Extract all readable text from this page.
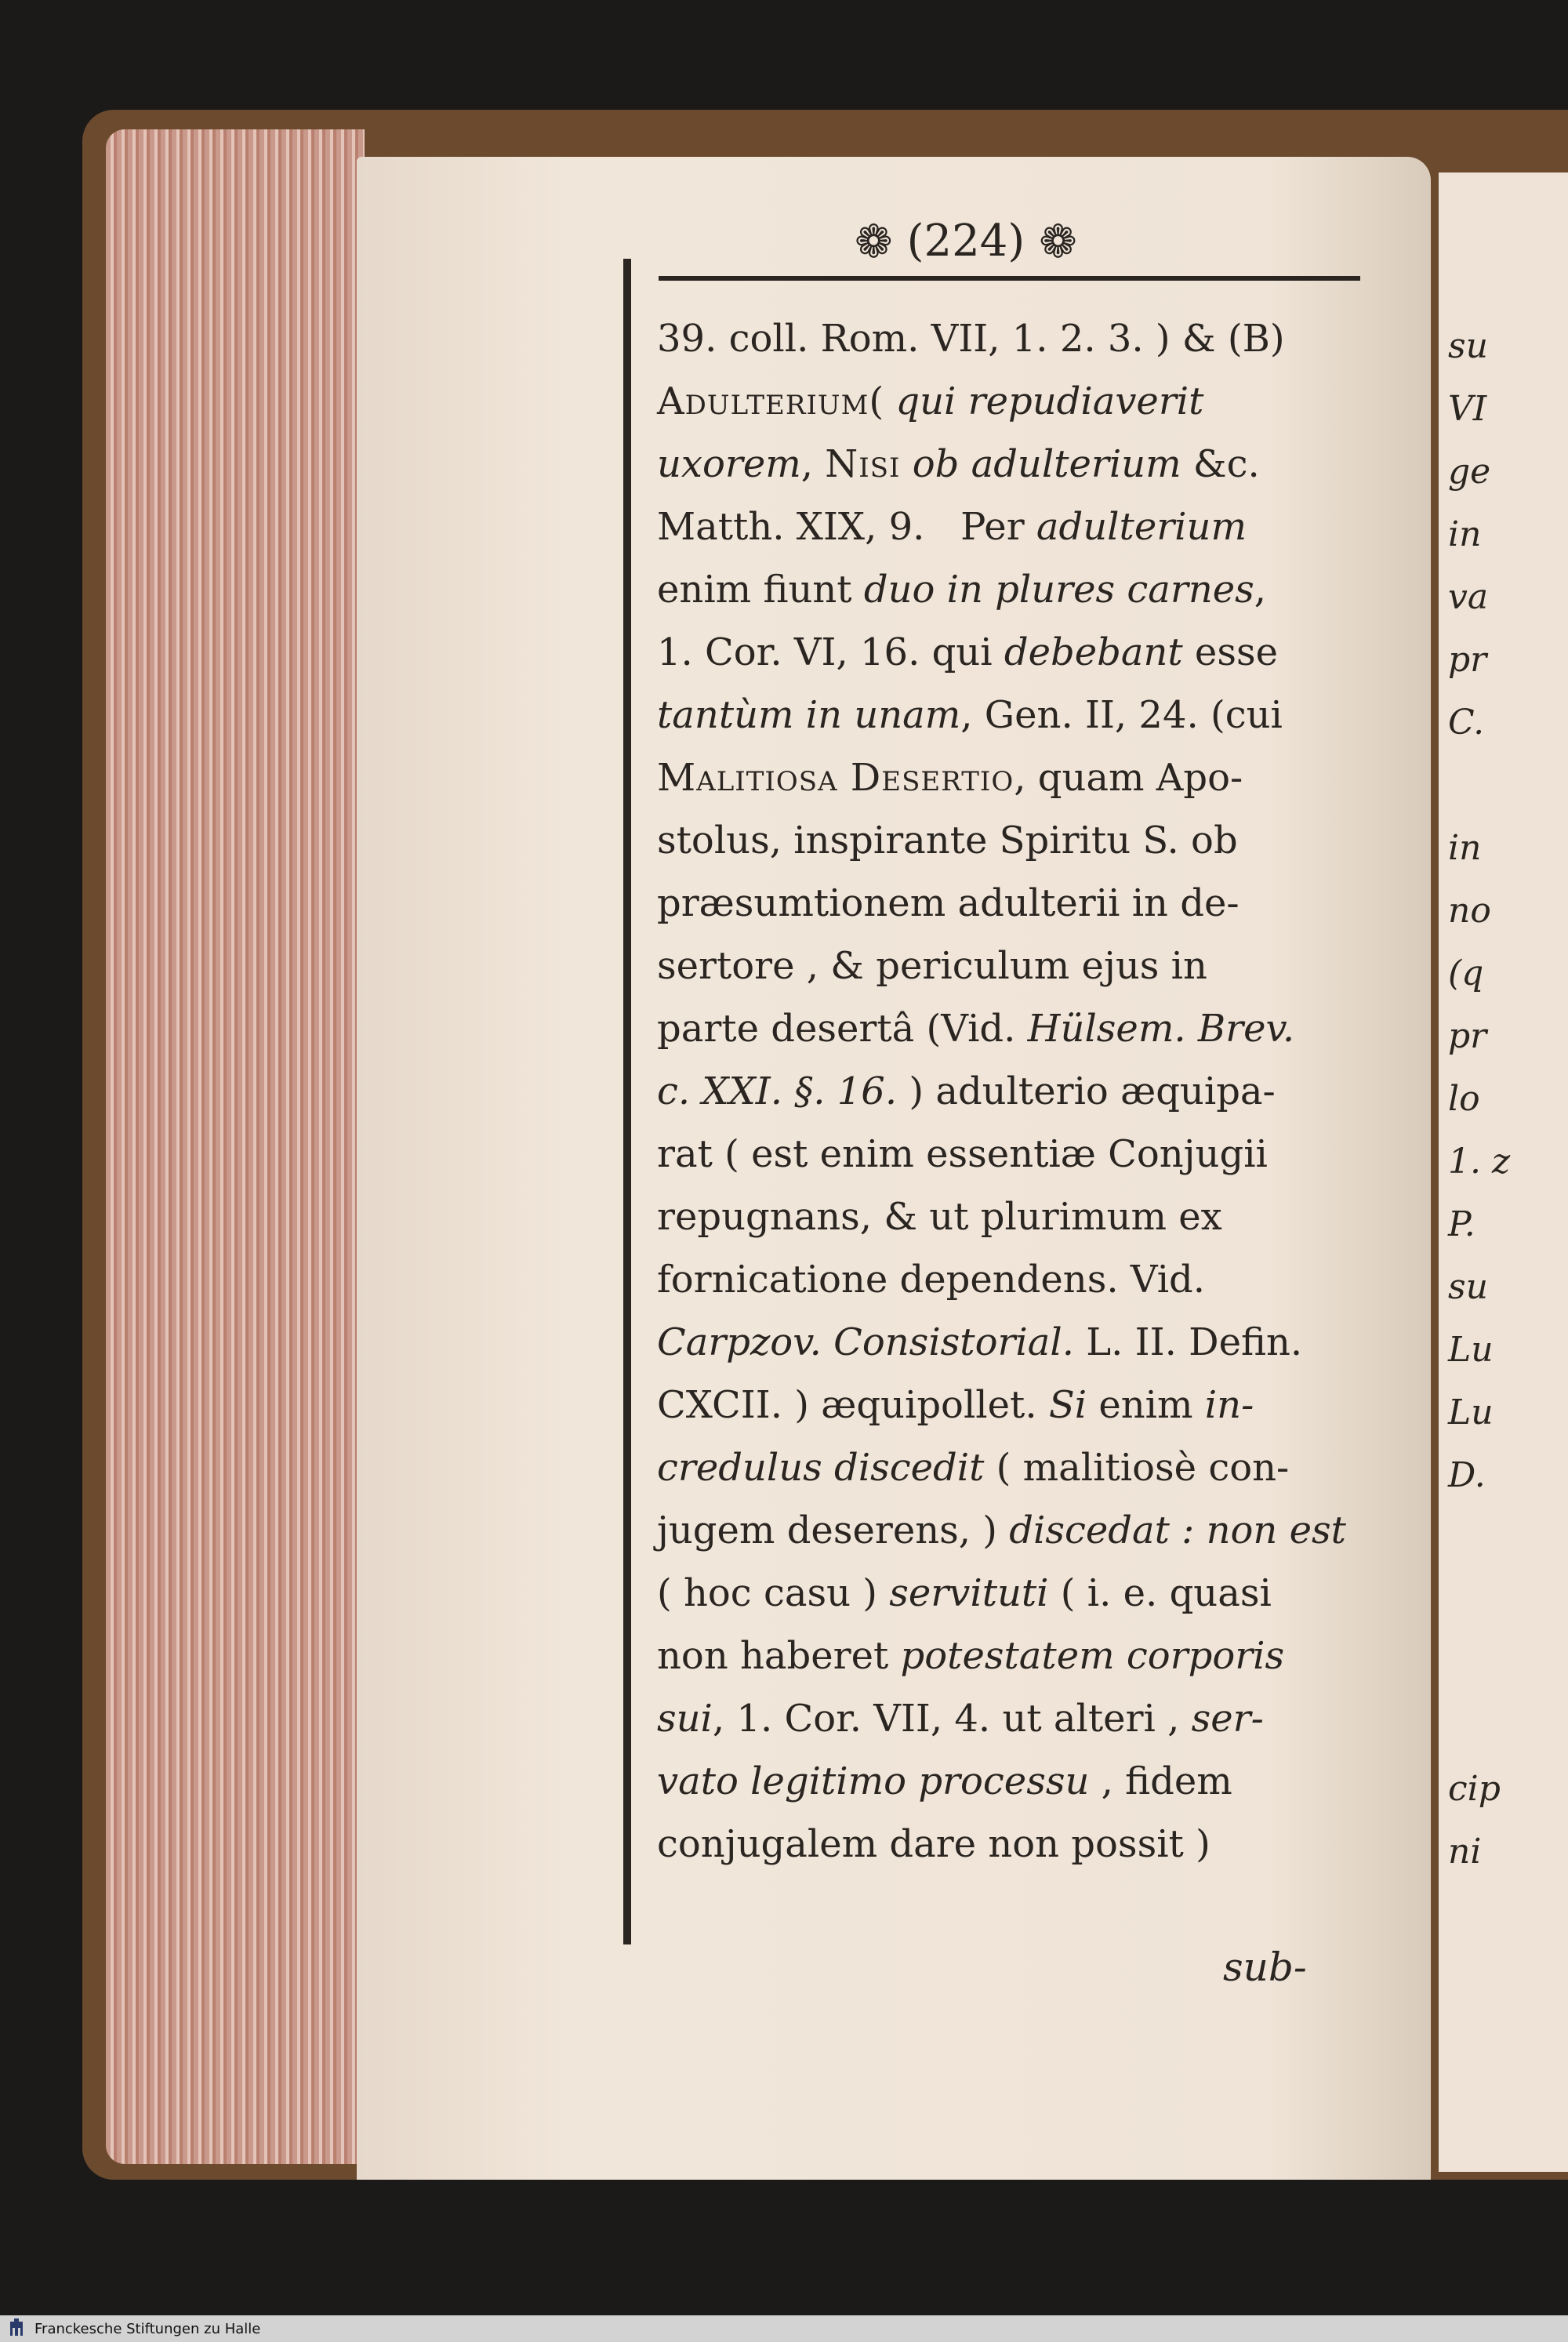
su
VI
ge
in
va
pr
C.
in
no
(q
pr
lo
1. z
P.
su
Lu
Lu
D.
cip
ni
❁ (224) ❁
39. coll. Rom. VII, 1. 2. 3. ) & (B)
Adulterium( qui repudiaverit
uxorem, Nisi ob adulterium &c.
Matth. XIX, 9.   Per adulterium
enim fiunt duo in plures carnes,
1. Cor. VI, 16. qui debebant esse
tantùm in unam, Gen. II, 24. (cui
Malitiosa Desertio, quam Apo-
stolus, inspirante Spiritu S. ob
præsumtionem adulterii in de-
sertore , & periculum ejus in
parte desertâ (Vid. Hülsem. Brev.
c. XXI. §. 16. ) adulterio æquipa-
rat ( est enim essentiæ Conjugii
repugnans, & ut plurimum ex
fornicatione dependens. Vid.
Carpzov. Consistorial. L. II. Defin.
CXCII. ) æquipollet. Si enim in-
credulus discedit ( malitiosè con-
jugem deserens, ) discedat : non est
( hoc casu ) servituti ( i. e. quasi
non haberet potestatem corporis
sui, 1. Cor. VII, 4. ut alteri , ser-
vato legitimo processu , fidem
conjugalem dare non possit )
sub-
Franckesche Stiftungen zu Halle
